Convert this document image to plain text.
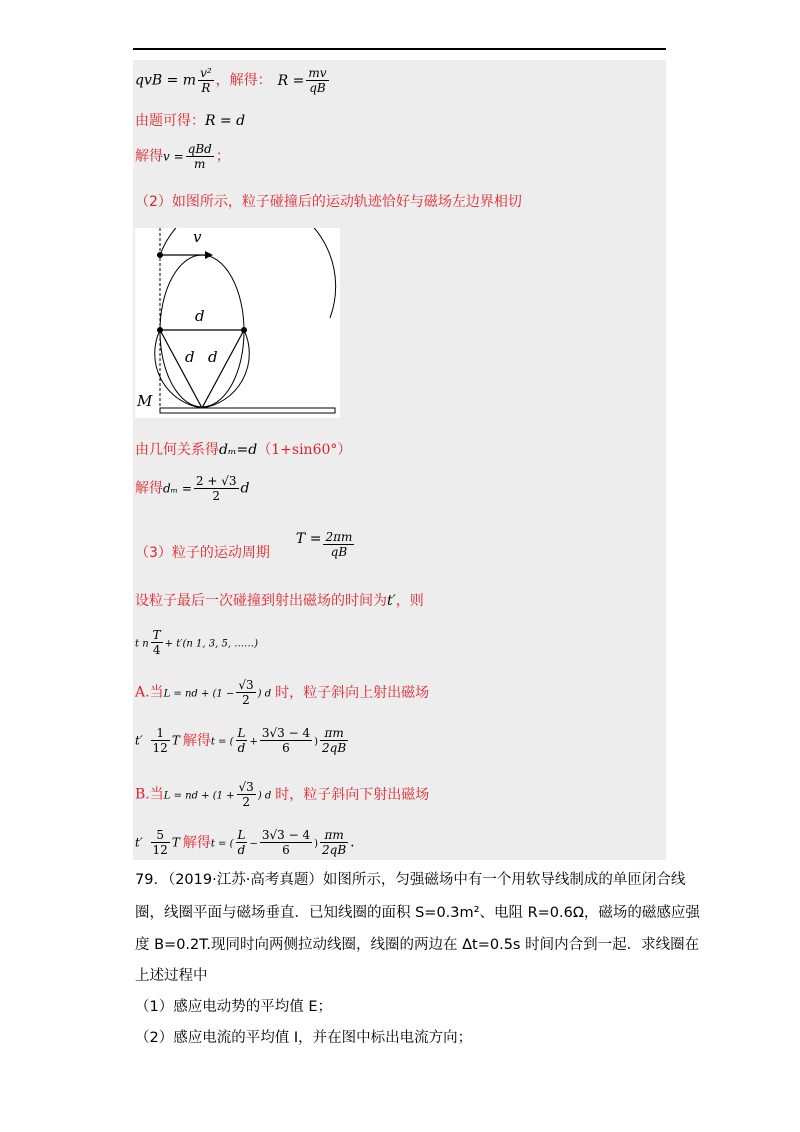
qvB = m $\frac{\text{v²}}{R}$ ，解得： $R = \frac{mv}{qB}$
由题可得：R = d
解得$v = \frac{\text{qBd}}{m}$ ；
（2）如图所示，粒子碰撞后的运动轨迹恰好与磁场左边界相切
v
d
d d
M
由几何关系得dₘ=d（1+sin60°）
解得$d_m = \frac{2 + √3}{2}$ d
（3）粒子的运动周期$T = \frac{2\pi m}{qB}$
设粒子最后一次碰撞到射出磁场的时间为t′，则
t n $\frac{T}{4} + t'(n$ 1, 3, 5, ……)
A.当L = nd + ($1 - \frac{√3}{2}$ ) d 时，粒子斜向上射出磁场
$t' \frac{1}{12}$ T 解得t = ( $\frac{L}{d} + \frac{3√3 - 4}{6}$ ) $\frac{\pi m}{2qB}$
B.当L = nd + ($1 + \frac{√3}{2}$ ) d 时，粒子斜向下射出磁场
$t' \frac{5}{12}$ T 解得t = ( $\frac{L}{d} - \frac{3√3 - 4}{6}$ ) $\frac{\pi m}{2qB}$ .
79．（2019·江苏·高考真题）如图所示，匀强磁场中有一个用软导线制成的单匝闭合线
圈，线圈平面与磁场垂直．已知线圈的面积 S=0.3m²、电阻 R=0.6Ω，磁场的磁感应强
度 B=0.2T.现同时向两侧拉动线圈，线圈的两边在 Δt=0.5s 时间内合到一起．求线圈在
上述过程中
（1）感应电动势的平均值 E；
（2）感应电流的平均值 I，并在图中标出电流方向；
